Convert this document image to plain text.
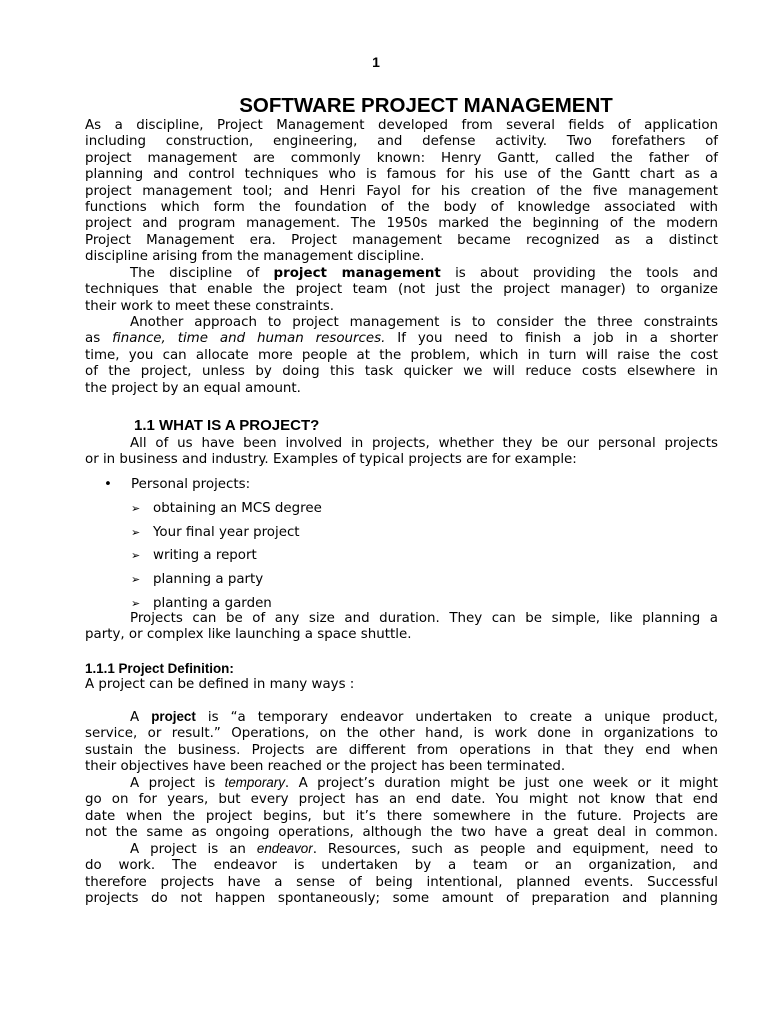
1
SOFTWARE PROJECT MANAGEMENT
As a discipline, Project Management developed from several fields of application
including construction, engineering, and defense activity. Two forefathers of
project management are commonly known: Henry Gantt, called the father of
planning and control techniques who is famous for his use of the Gantt chart as a
project management tool; and Henri Fayol for his creation of the five management
functions which form the foundation of the body of knowledge associated with
project and program management. The 1950s marked the beginning of the modern
Project Management era. Project management became recognized as a distinct
discipline arising from the management discipline.
The discipline of project management is about providing the tools and
techniques that enable the project team (not just the project manager) to organize
their work to meet these constraints.
Another approach to project management is to consider the three constraints
as finance, time and human resources. If you need to finish a job in a shorter
time, you can allocate more people at the problem, which in turn will raise the cost
of the project, unless by doing this task quicker we will reduce costs elsewhere in
the project by an equal amount.
1.1 WHAT IS A PROJECT?
All of us have been involved in projects, whether they be our personal projects
or in business and industry. Examples of typical projects are for example:
• Personal projects:
➢ obtaining an MCS degree
➢ Your final year project
➢ writing a report
➢ planning a party
➢ planting a garden
Projects can be of any size and duration. They can be simple, like planning a
party, or complex like launching a space shuttle.
1.1.1 Project Definition:
A project can be defined in many ways :
A project is “a temporary endeavor undertaken to create a unique product,
service, or result.” Operations, on the other hand, is work done in organizations to
sustain the business. Projects are different from operations in that they end when
their objectives have been reached or the project has been terminated.
A project is temporary. A project’s duration might be just one week or it might
go on for years, but every project has an end date. You might not know that end
date when the project begins, but it’s there somewhere in the future. Projects are
not the same as ongoing operations, although the two have a great deal in common.
A project is an endeavor. Resources, such as people and equipment, need to
do work. The endeavor is undertaken by a team or an organization, and
therefore projects have a sense of being intentional, planned events. Successful
projects do not happen spontaneously; some amount of preparation and planning
